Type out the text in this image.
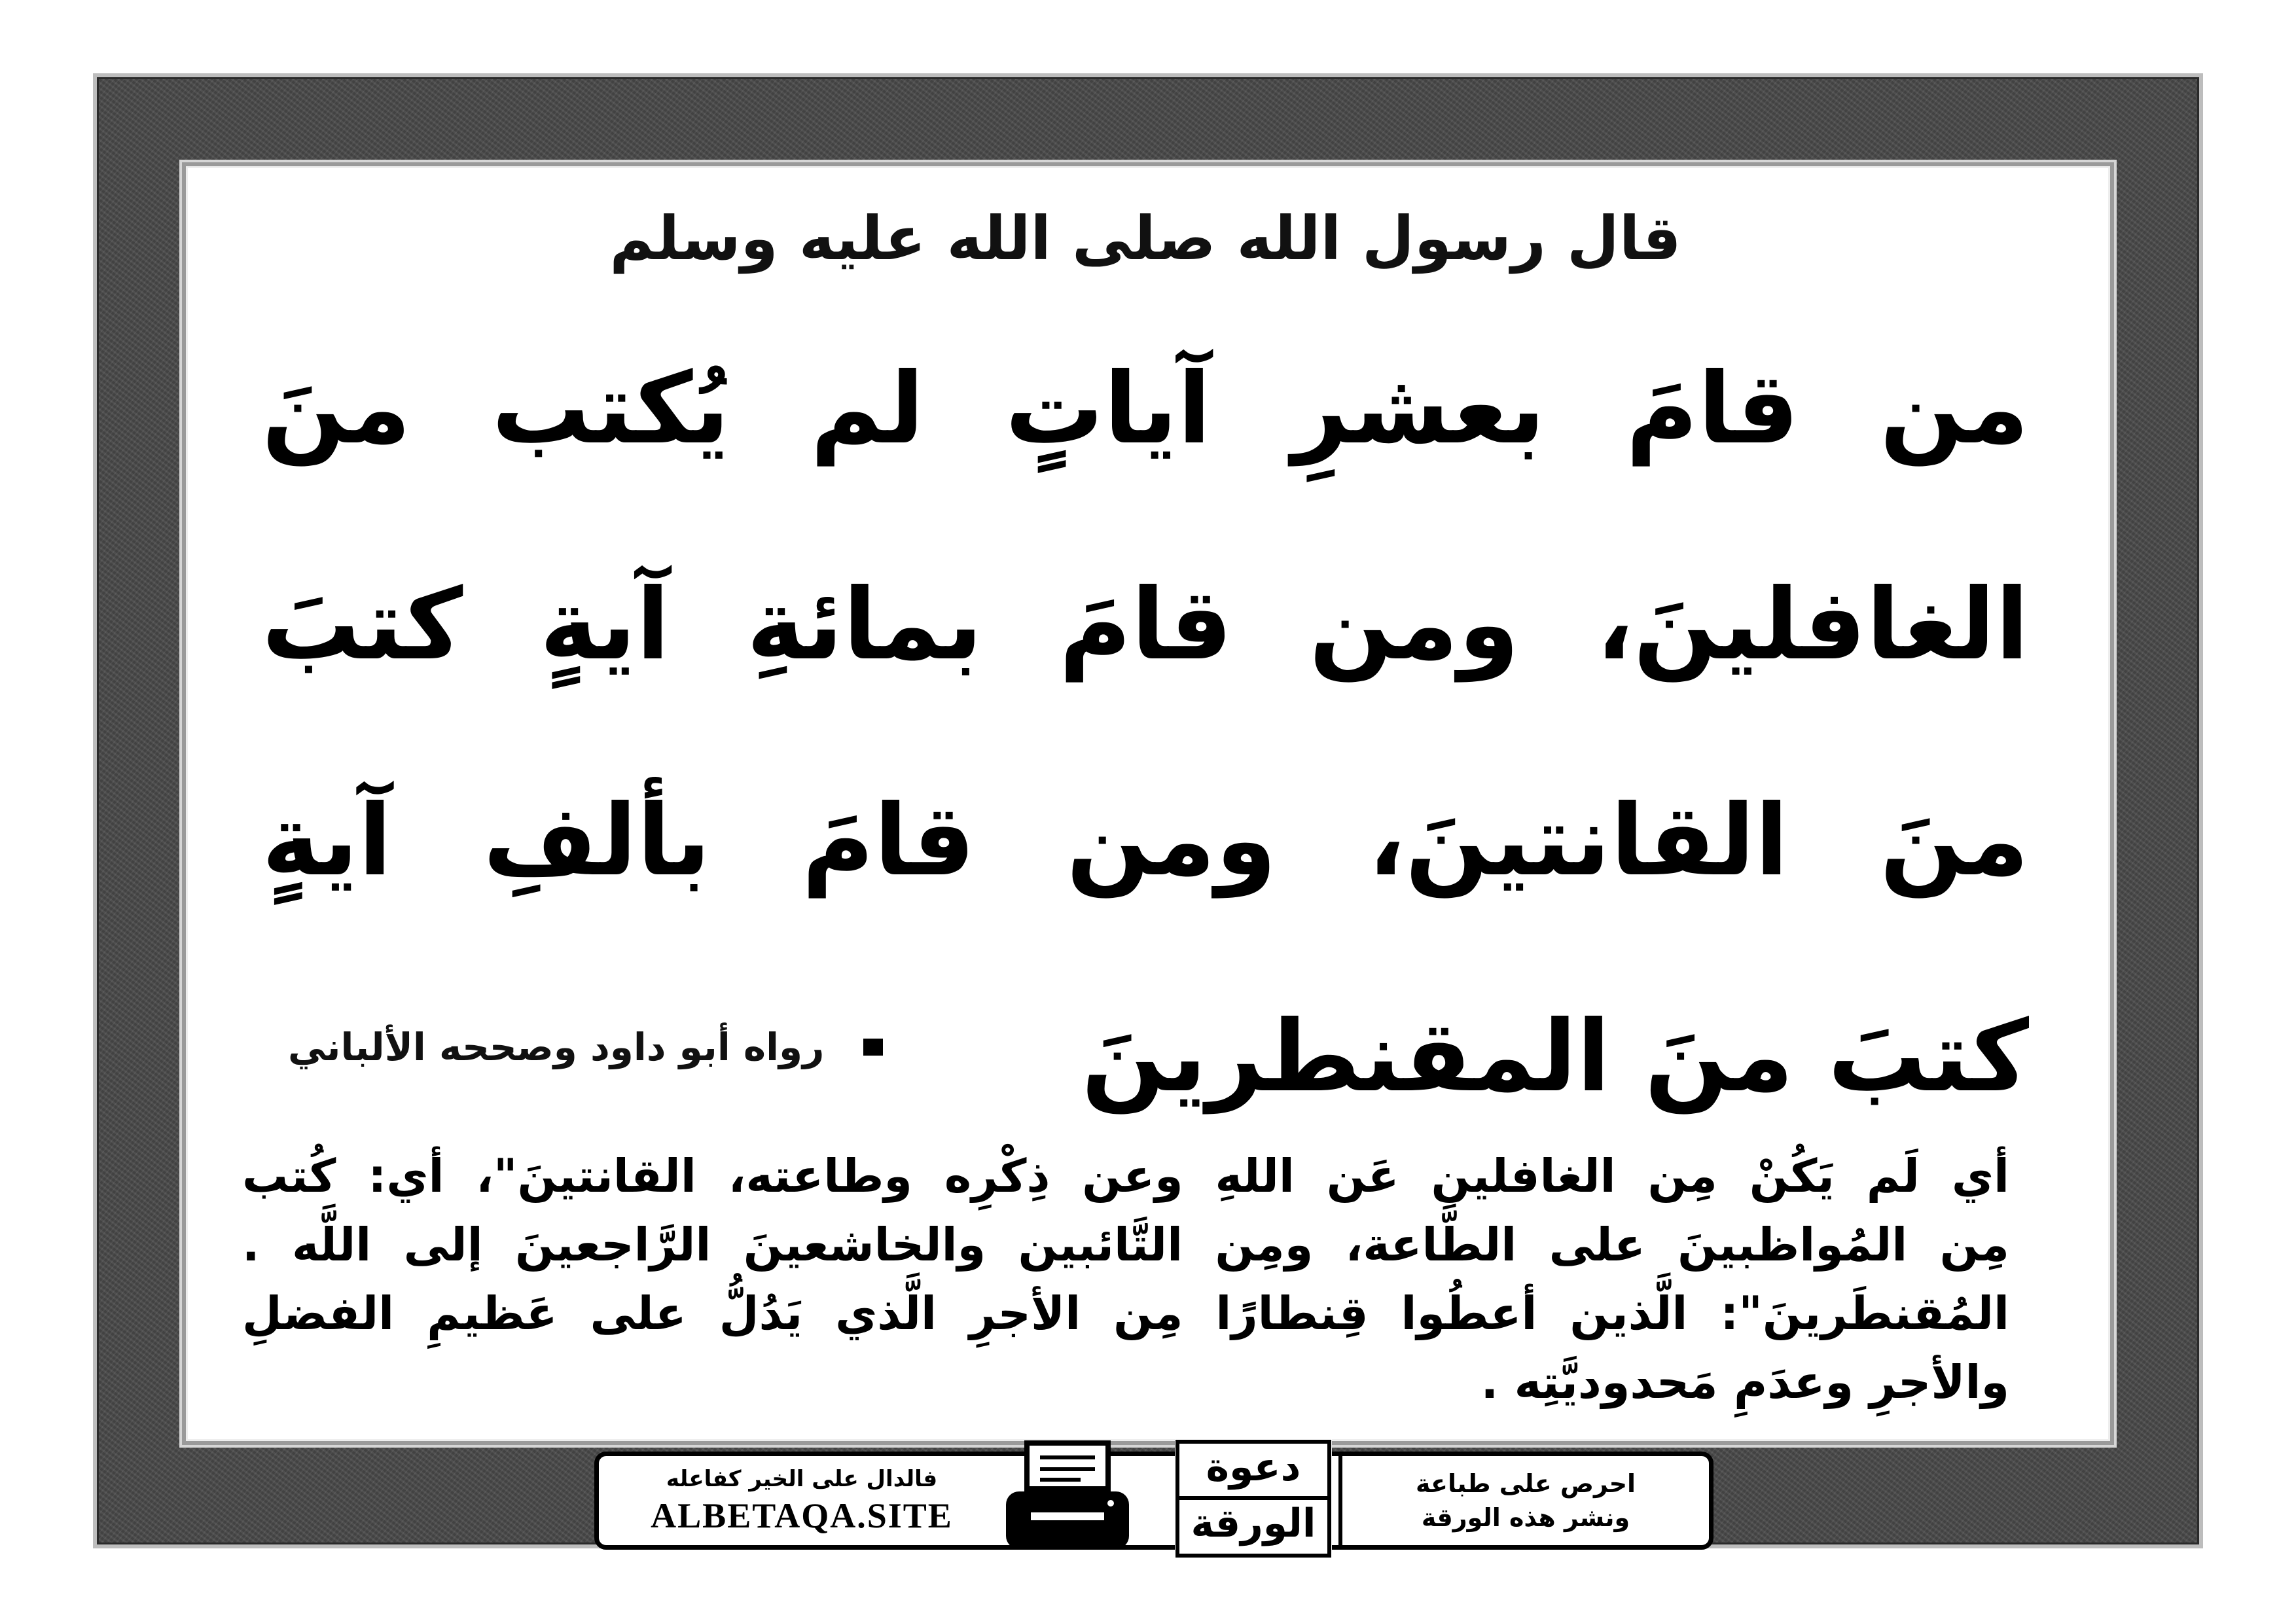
قال رسول الله صلى الله عليه وسلم
من قامَ بعشرِ آياتٍ لم يُكتب منَ
الغافلينَ، ومن قامَ بمائةِ آيةٍ كتبَ
منَ القانتينَ، ومن قامَ بألفِ آيةٍ
كتبَ منَ المقنطرينَ
رواه أبو داود وصححه الألباني
أي لَم يَكُنْ مِن الغافلين عَن اللهِ وعن ذِكْرِه وطاعته، القانتينَ"، أي: كُتب
مِن المُواظبينَ على الطَّاعة، ومِن التَّائبين والخاشعينَ الرَّاجعينَ إلى اللَّه .
المُقنطَرينَ": الَّذين أعطُوا قِنطارًا مِن الأجرِ الَّذي يَدُلُّ على عَظيمِ الفضلِ
والأجرِ وعدَمِ مَحدوديَّتِه .
فالدال على الخير كفاعله
ALBETAQA.SITE
دعوة الورقة
احرص على طباعة
ونشر هذه الورقة
